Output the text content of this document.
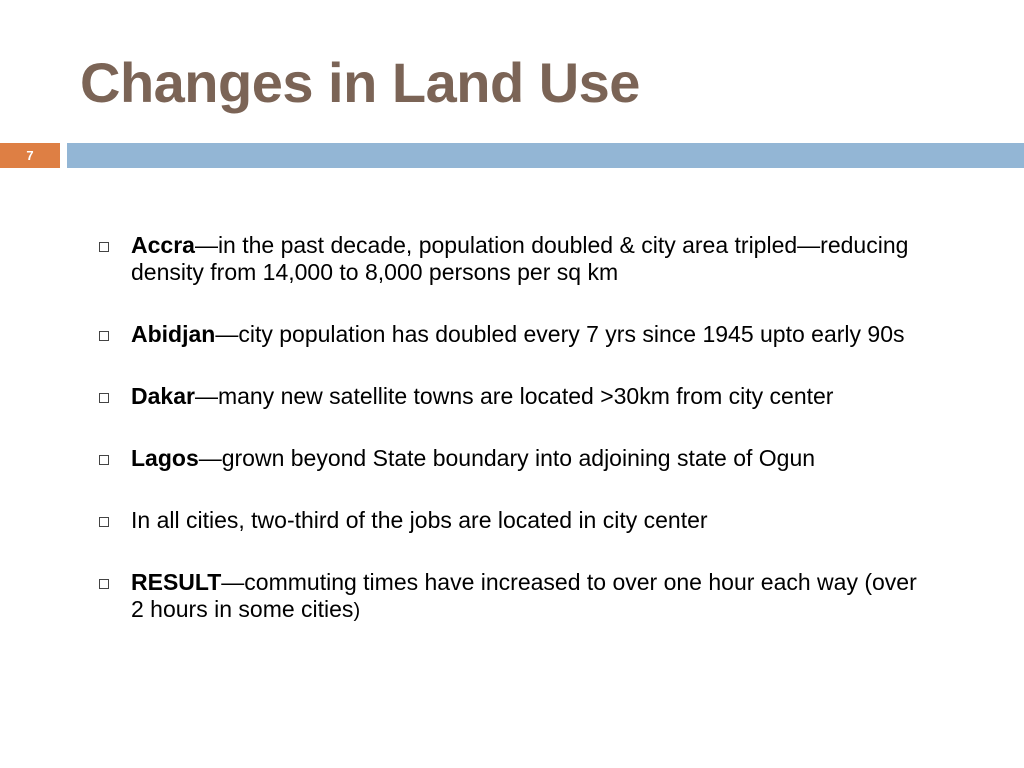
Changes in Land Use
7
Accra—in the past decade, population doubled & city area tripled—reducing density from 14,000 to 8,000 persons per sq km
Abidjan—city population has doubled every 7 yrs since 1945 upto early 90s
Dakar—many new satellite towns are located >30km from city center
Lagos—grown beyond State boundary into adjoining state of Ogun
In all cities, two-third of the jobs are located in city center
RESULT—commuting times have increased to over one hour each way (over 2 hours in some cities)
